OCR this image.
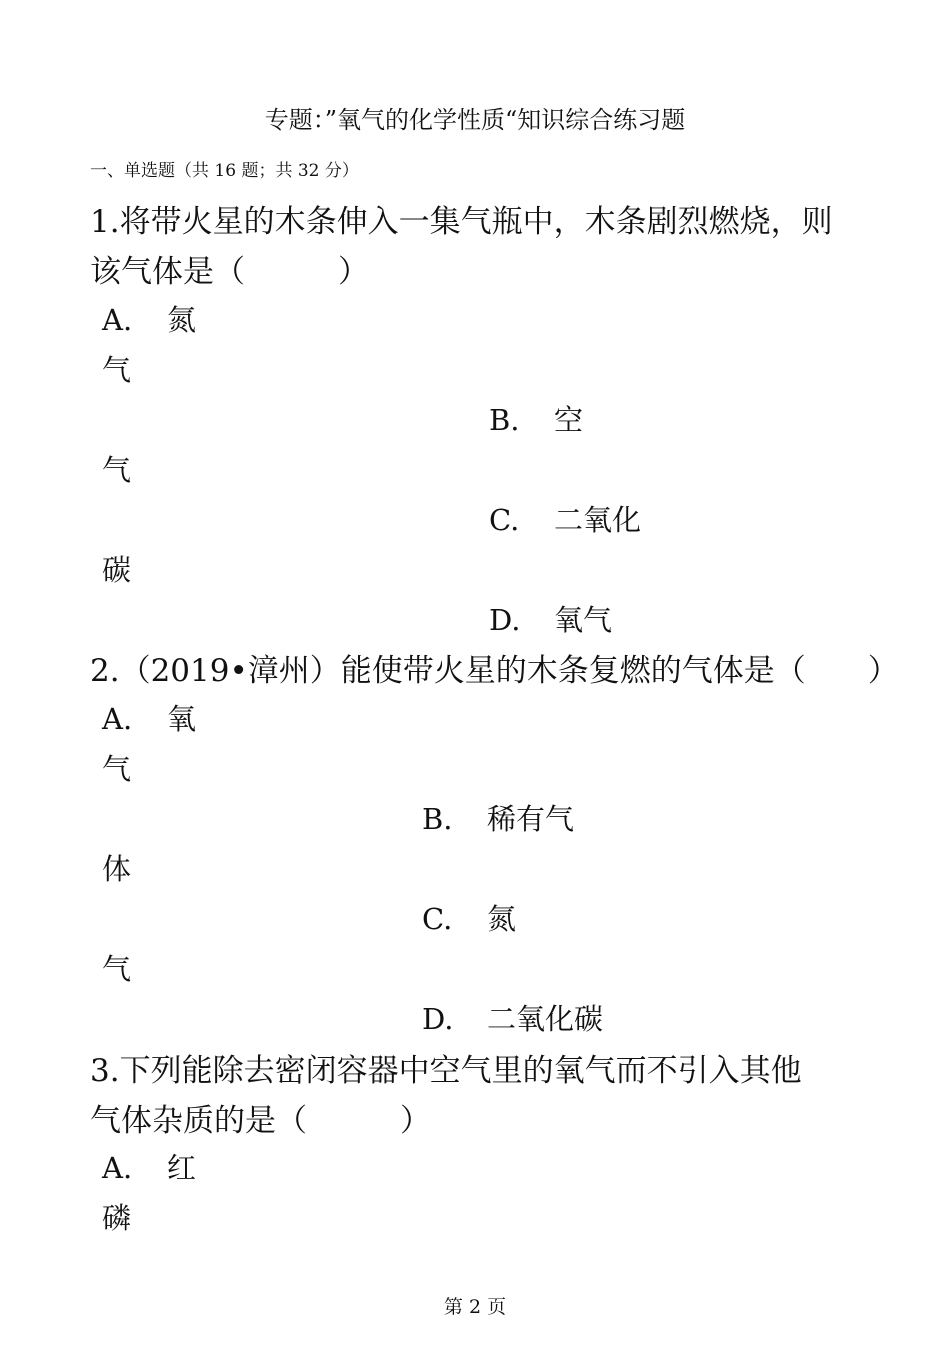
专题：”氧气的化学性质“知识综合练习题
一、单选题（共 16 题；共 32 分）
1.将带火星的木条伸入一集气瓶中，木条剧烈燃烧，则
该气体是（　　　）
A. 氮
气
B. 空
气
C. 二氧化
碳
D. 氧气
2.（2019•漳州）能使带火星的木条复燃的气体是（　　）
A. 氧
气
B. 稀有气
体
C. 氮
气
D. 二氧化碳
3.下列能除去密闭容器中空气里的氧气而不引入其他
气体杂质的是（　　　）
A. 红
磷
第 2 页
